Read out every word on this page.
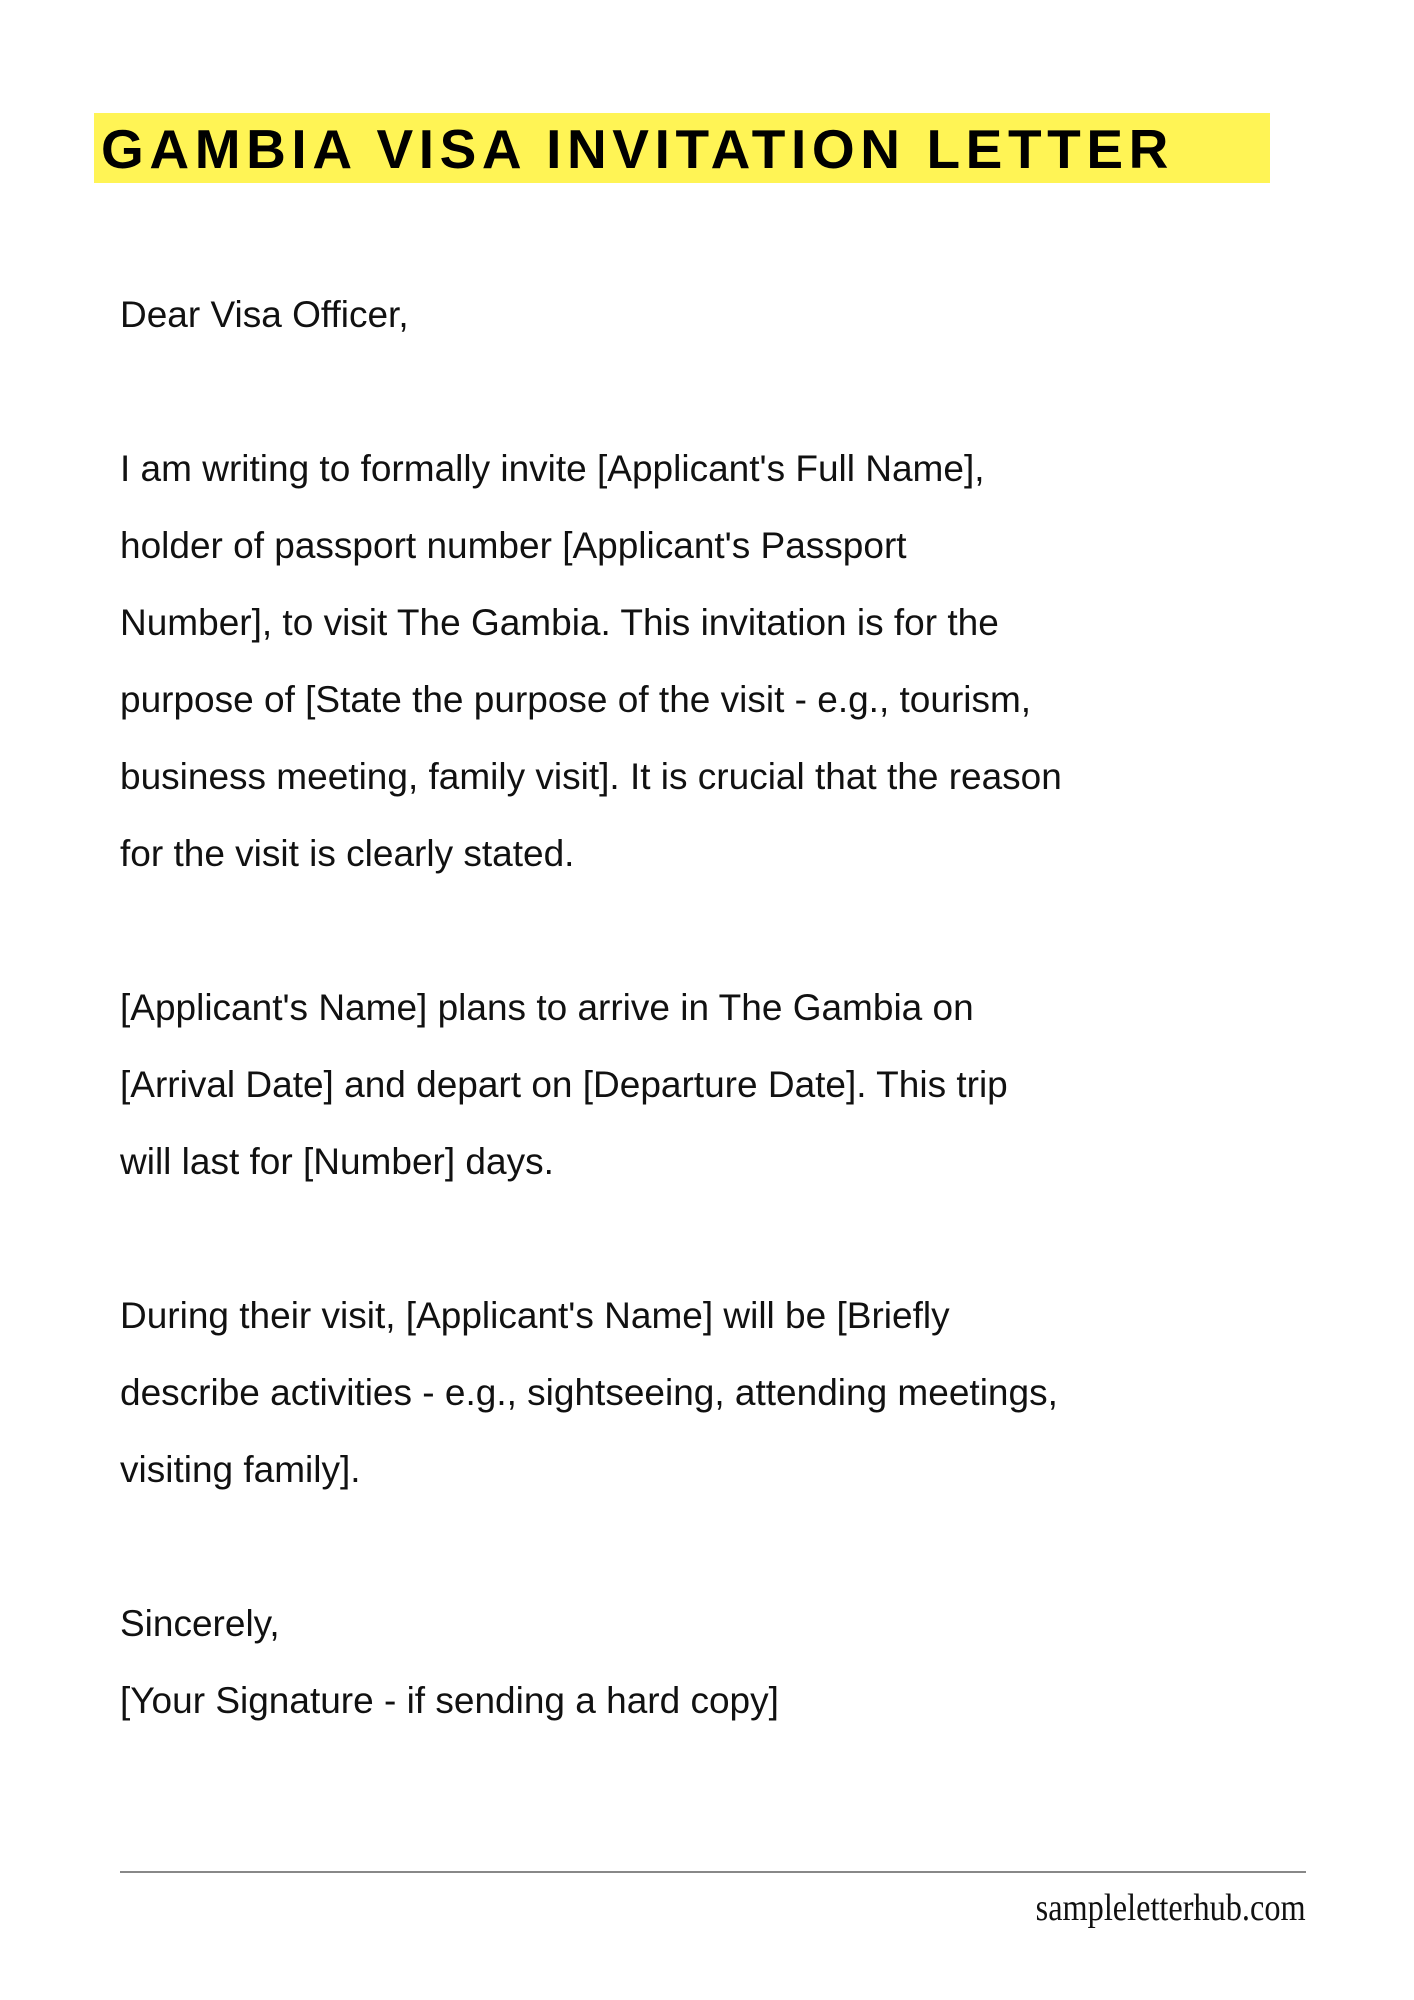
GAMBIA VISA INVITATION LETTER
Dear Visa Officer,
I am writing to formally invite [Applicant's Full Name],
holder of passport number [Applicant's Passport
Number], to visit The Gambia. This invitation is for the
purpose of [State the purpose of the visit - e.g., tourism,
business meeting, family visit]. It is crucial that the reason
for the visit is clearly stated.
[Applicant's Name] plans to arrive in The Gambia on
[Arrival Date] and depart on [Departure Date]. This trip
will last for [Number] days.
During their visit, [Applicant's Name] will be [Briefly
describe activities - e.g., sightseeing, attending meetings,
visiting family].
Sincerely,
[Your Signature - if sending a hard copy]
sampleletterhub.com
